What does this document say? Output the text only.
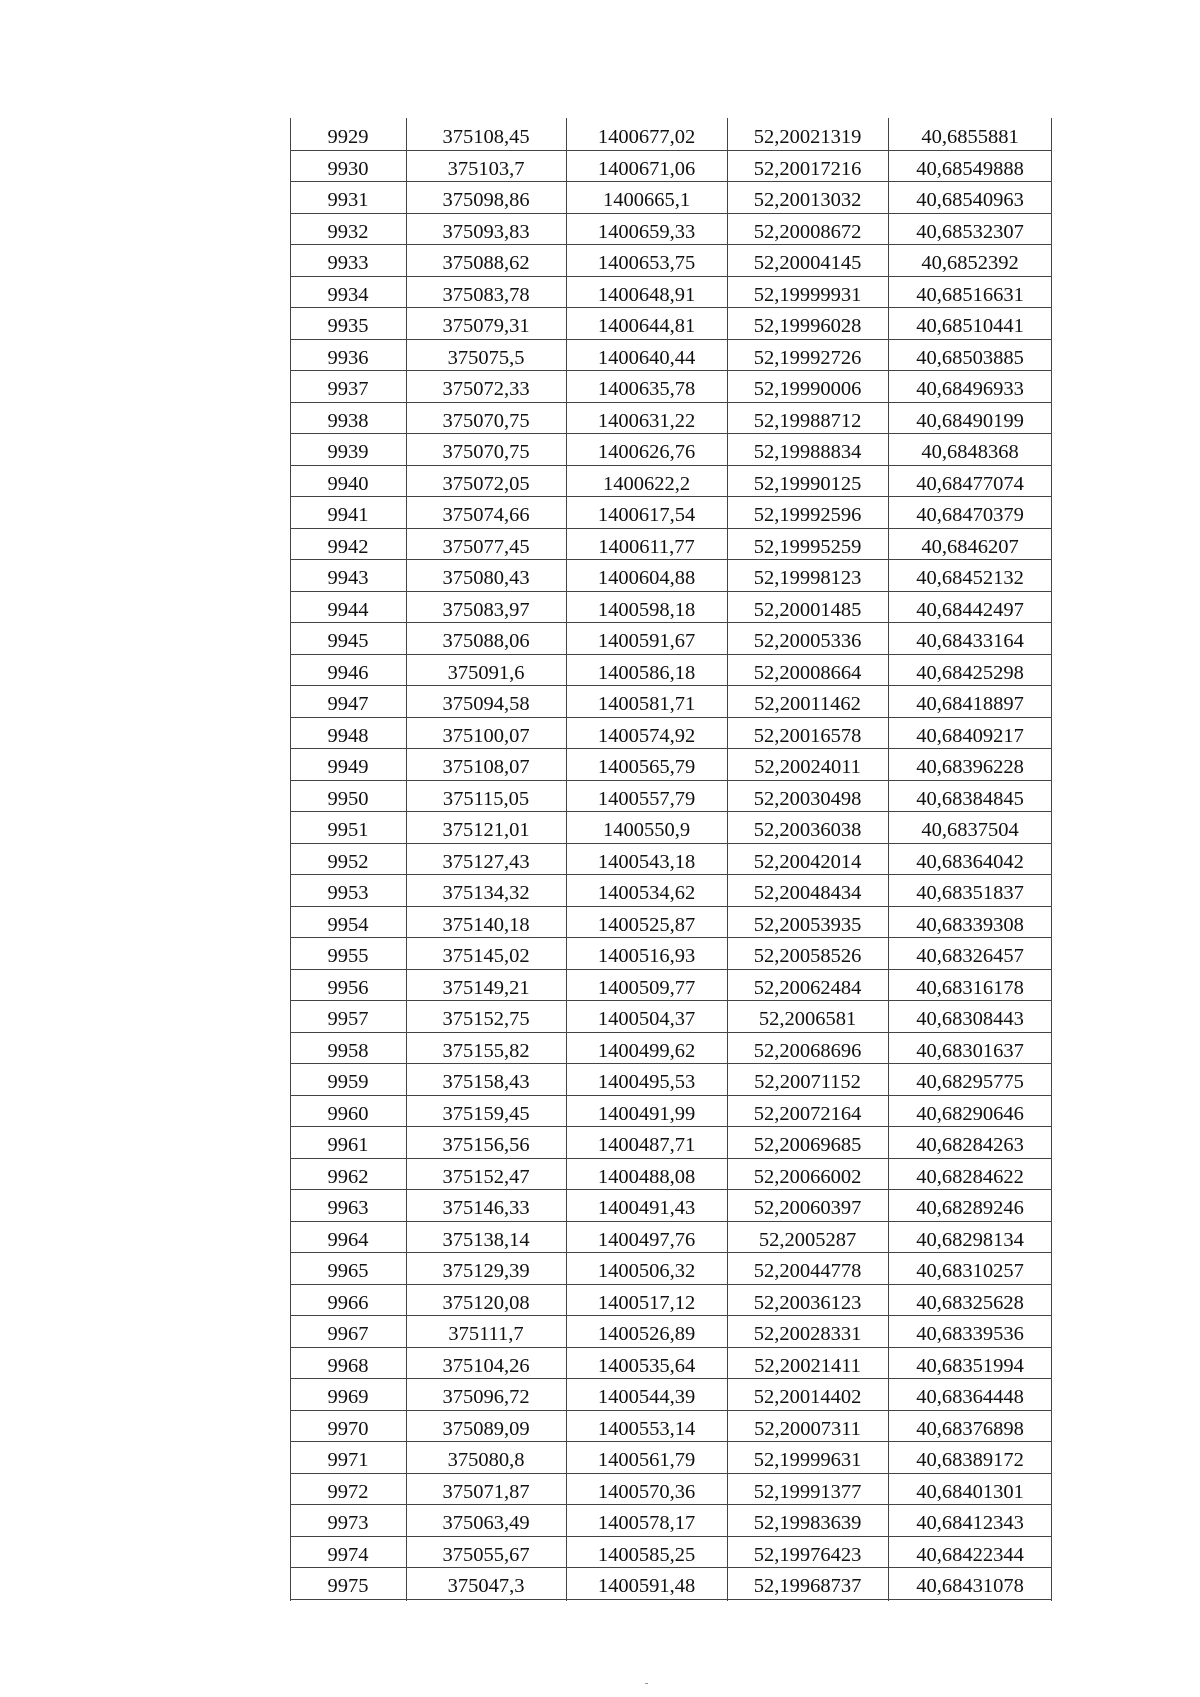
9929	375108,45	1400677,02	52,20021319	40,6855881
9930	375103,7	1400671,06	52,20017216	40,68549888
9931	375098,86	1400665,1	52,20013032	40,68540963
9932	375093,83	1400659,33	52,20008672	40,68532307
9933	375088,62	1400653,75	52,20004145	40,6852392
9934	375083,78	1400648,91	52,19999931	40,68516631
9935	375079,31	1400644,81	52,19996028	40,68510441
9936	375075,5	1400640,44	52,19992726	40,68503885
9937	375072,33	1400635,78	52,19990006	40,68496933
9938	375070,75	1400631,22	52,19988712	40,68490199
9939	375070,75	1400626,76	52,19988834	40,6848368
9940	375072,05	1400622,2	52,19990125	40,68477074
9941	375074,66	1400617,54	52,19992596	40,68470379
9942	375077,45	1400611,77	52,19995259	40,6846207
9943	375080,43	1400604,88	52,19998123	40,68452132
9944	375083,97	1400598,18	52,20001485	40,68442497
9945	375088,06	1400591,67	52,20005336	40,68433164
9946	375091,6	1400586,18	52,20008664	40,68425298
9947	375094,58	1400581,71	52,20011462	40,68418897
9948	375100,07	1400574,92	52,20016578	40,68409217
9949	375108,07	1400565,79	52,20024011	40,68396228
9950	375115,05	1400557,79	52,20030498	40,68384845
9951	375121,01	1400550,9	52,20036038	40,6837504
9952	375127,43	1400543,18	52,20042014	40,68364042
9953	375134,32	1400534,62	52,20048434	40,68351837
9954	375140,18	1400525,87	52,20053935	40,68339308
9955	375145,02	1400516,93	52,20058526	40,68326457
9956	375149,21	1400509,77	52,20062484	40,68316178
9957	375152,75	1400504,37	52,2006581	40,68308443
9958	375155,82	1400499,62	52,20068696	40,68301637
9959	375158,43	1400495,53	52,20071152	40,68295775
9960	375159,45	1400491,99	52,20072164	40,68290646
9961	375156,56	1400487,71	52,20069685	40,68284263
9962	375152,47	1400488,08	52,20066002	40,68284622
9963	375146,33	1400491,43	52,20060397	40,68289246
9964	375138,14	1400497,76	52,2005287	40,68298134
9965	375129,39	1400506,32	52,20044778	40,68310257
9966	375120,08	1400517,12	52,20036123	40,68325628
9967	375111,7	1400526,89	52,20028331	40,68339536
9968	375104,26	1400535,64	52,20021411	40,68351994
9969	375096,72	1400544,39	52,20014402	40,68364448
9970	375089,09	1400553,14	52,20007311	40,68376898
9971	375080,8	1400561,79	52,19999631	40,68389172
9972	375071,87	1400570,36	52,19991377	40,68401301
9973	375063,49	1400578,17	52,19983639	40,68412343
9974	375055,67	1400585,25	52,19976423	40,68422344
9975	375047,3	1400591,48	52,19968737	40,68431078
